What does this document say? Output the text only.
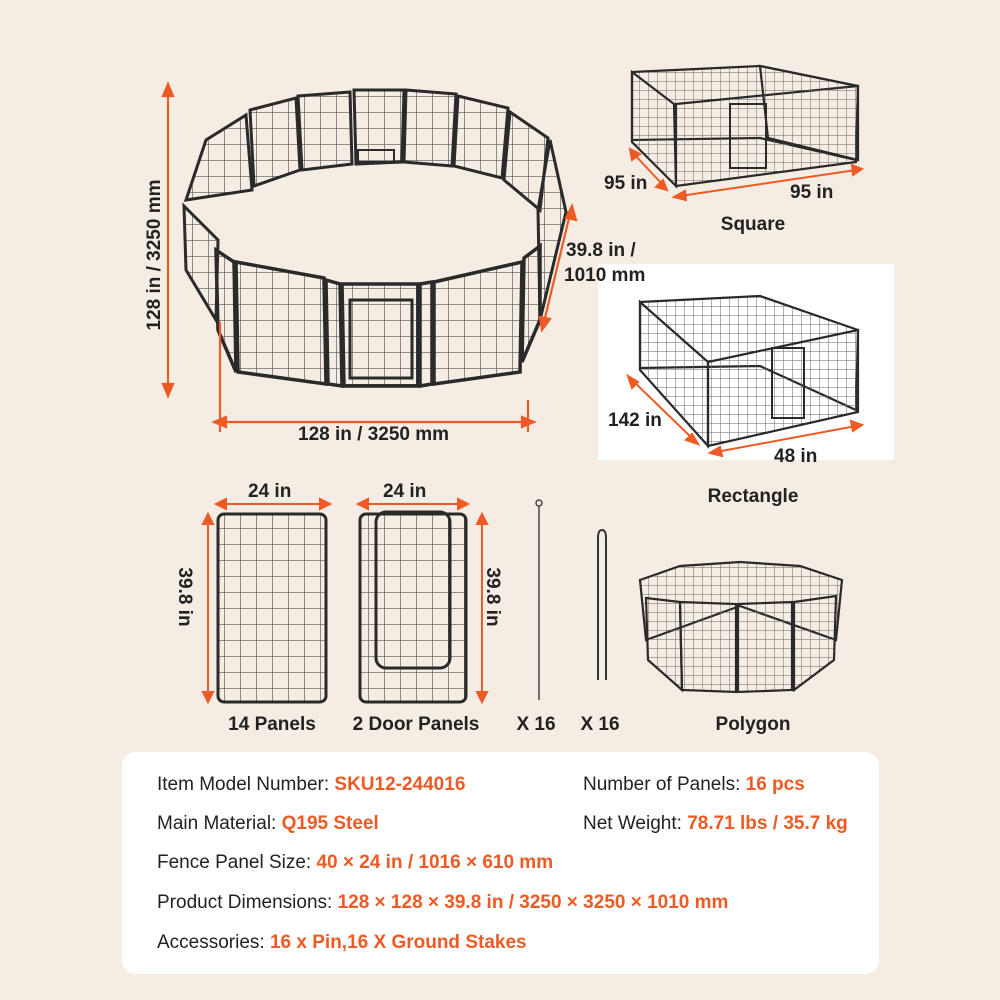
128 in / 3250 mm
128 in / 3250 mm
39.8 in /
1010 mm
95 in	95 in
Square
142 in
48 in
Rectangle
24 in
39.8 in
24 in
39.8 in
14 Panels	2 Door Panels	X 16	X 16	Polygon
Item Model Number: SKU12-244016	Number of Panels: 16 pcs
Main Material: Q195 Steel	Net Weight: 78.71 lbs / 35.7 kg
Fence Panel Size: 40 × 24 in / 1016 × 610 mm
Product Dimensions: 128 × 128 × 39.8 in / 3250 × 3250 × 1010 mm
Accessories: 16 x Pin,16 X Ground Stakes
